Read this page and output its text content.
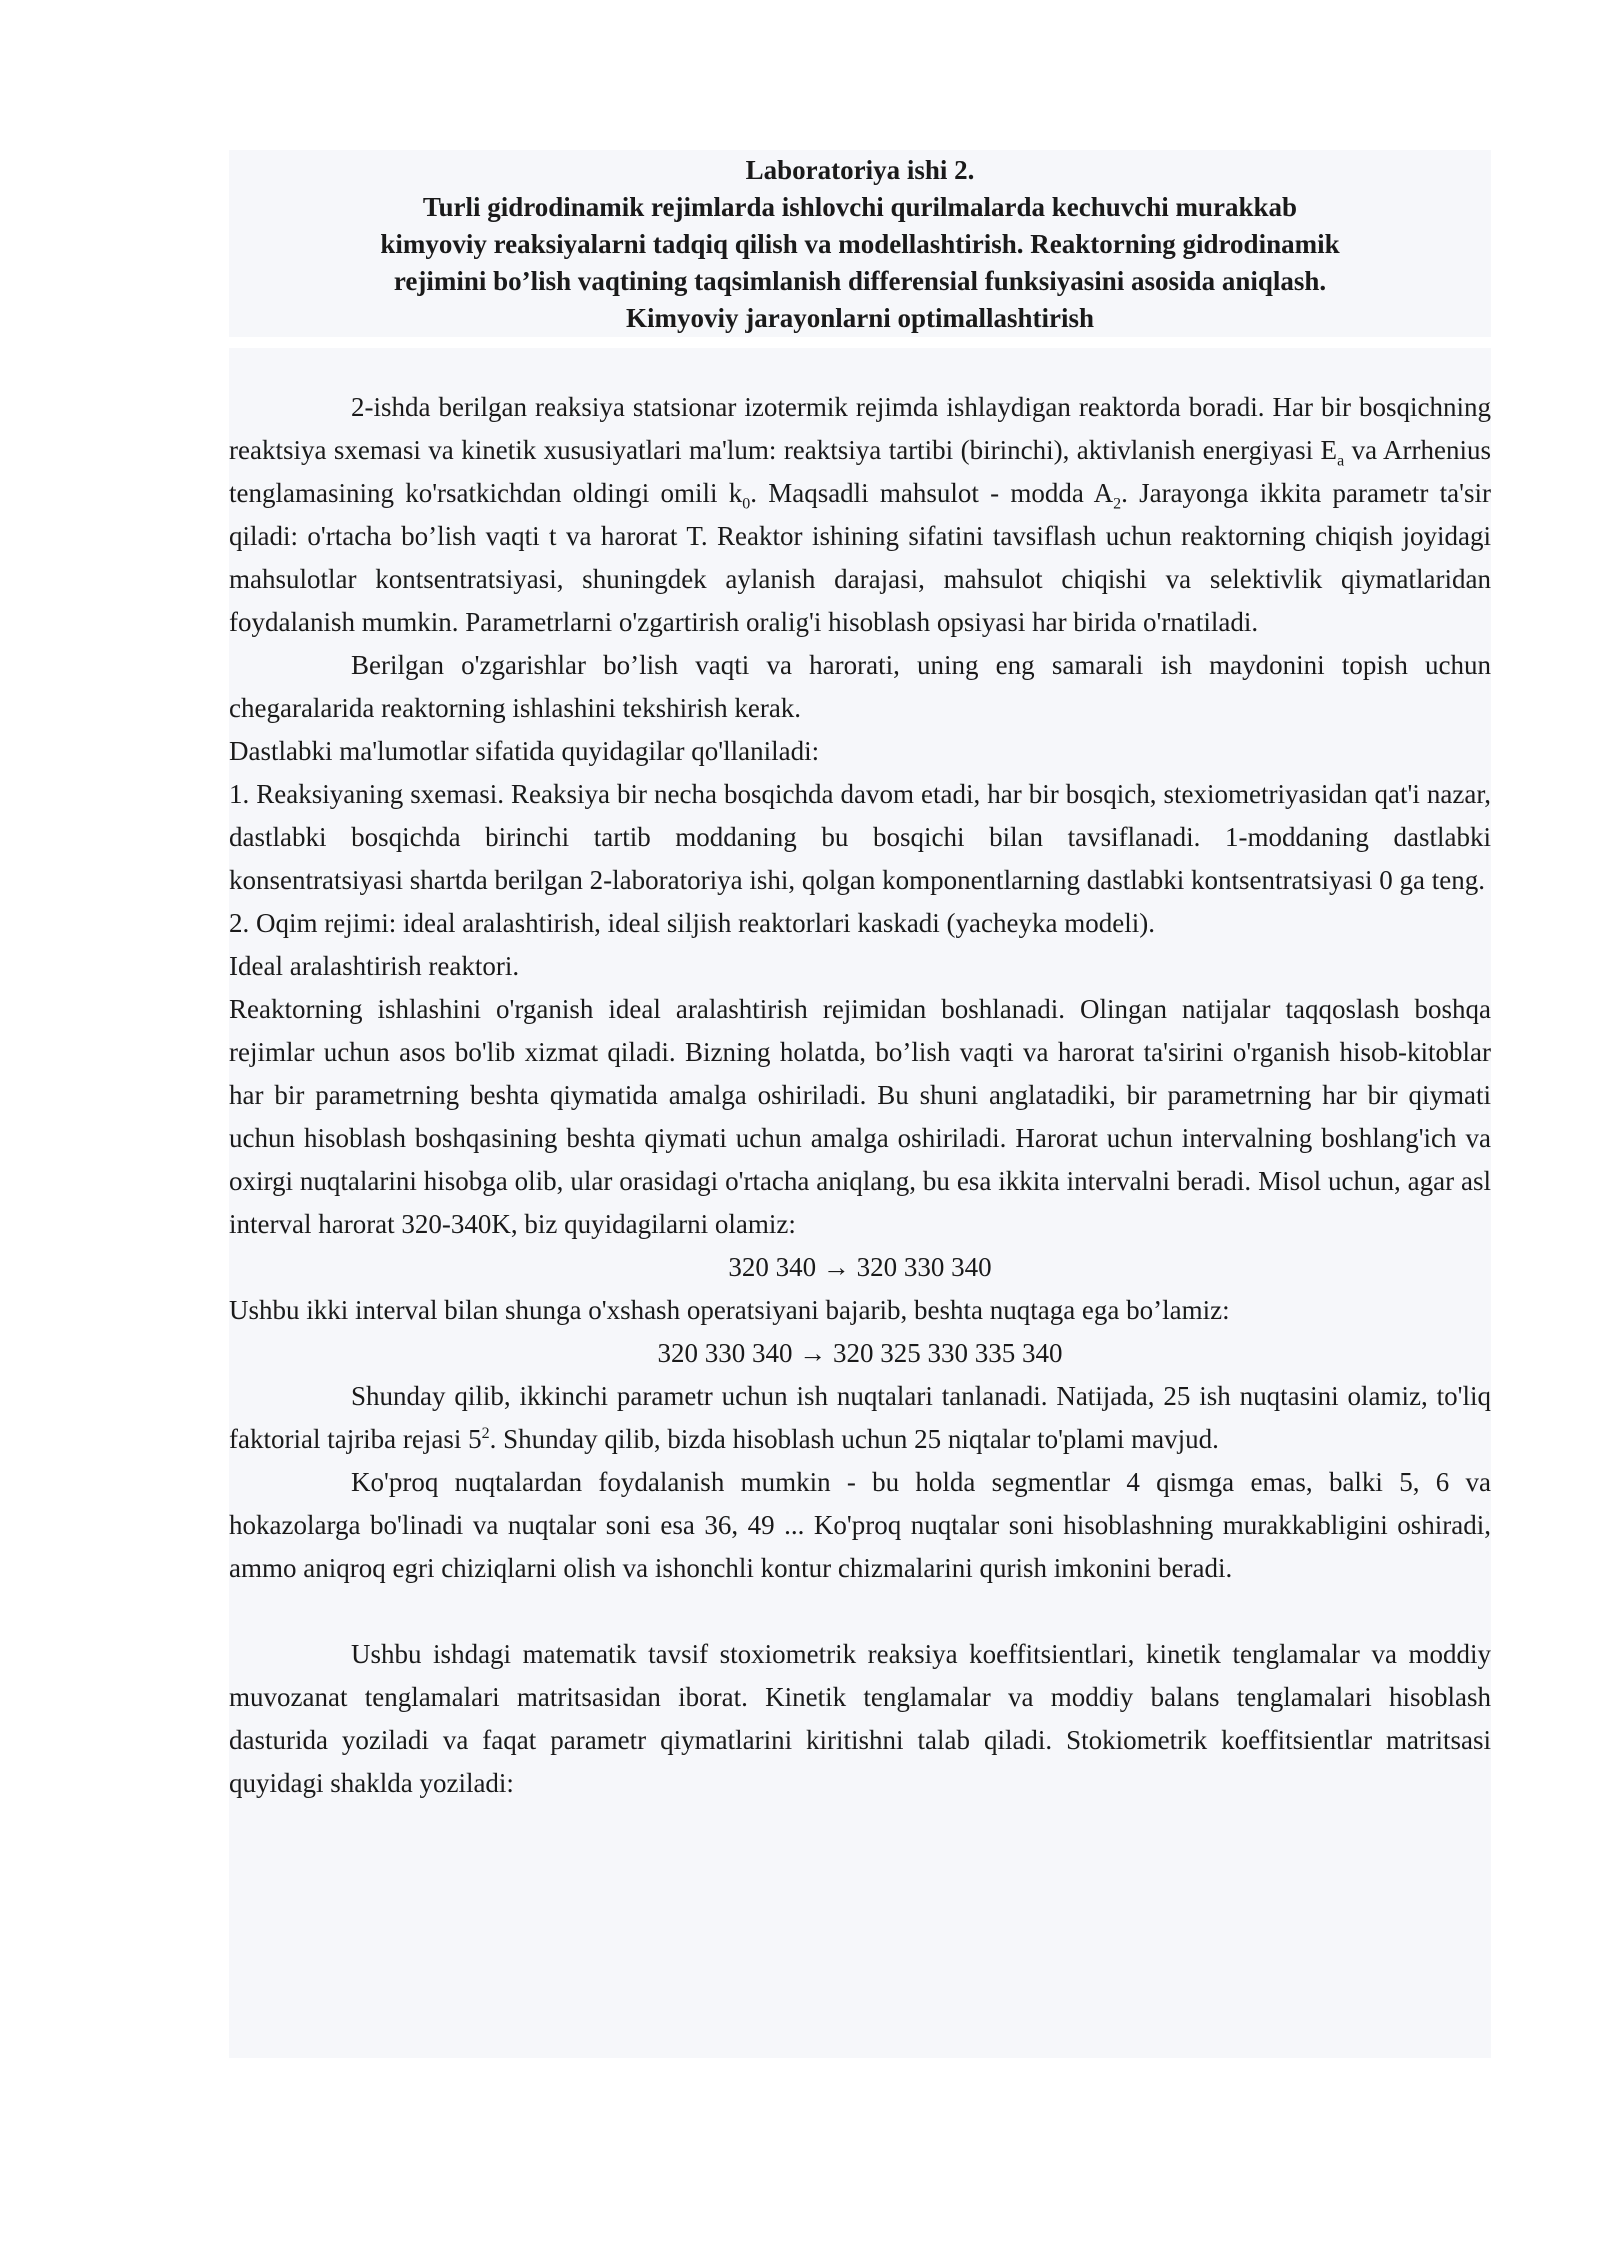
Laboratoriya ishi 2.
Turli gidrodinamik rejimlarda ishlovchi qurilmalarda kechuvchi murakkab
kimyoviy reaksiyalarni tadqiq qilish va modellashtirish. Reaktorning gidrodinamik
rejimini bo’lish vaqtining taqsimlanish differensial funksiyasini asosida aniqlash.
Kimyoviy jarayonlarni optimallashtirish

2-ishda berilgan reaksiya statsionar izotermik rejimda ishlaydigan reaktorda boradi. Har bir bosqichning reaktsiya sxemasi va kinetik xususiyatlari ma'lum: reaktsiya tartibi (birinchi), aktivlanish energiyasi $E_a$ va Arrhenius tenglamasining ko'rsatkichdan oldingi omili $k_0$. Maqsadli mahsulot - modda $A_2$. Jarayonga ikkita parametr ta'sir qiladi: o'rtacha bo’lish vaqti t va harorat T. Reaktor ishining sifatini tavsiflash uchun reaktorning chiqish joyidagi mahsulotlar kontsentratsiyasi, shuningdek aylanish darajasi, mahsulot chiqishi va selektivlik qiymatlaridan foydalanish mumkin. Parametrlarni o'zgartirish oralig'i hisoblash opsiyasi har birida o'rnatiladi.

Berilgan o'zgarishlar bo’lish vaqti va harorati, uning eng samarali ish maydonini topish uchun chegaralarida reaktorning ishlashini tekshirish kerak.

Dastlabki ma'lumotlar sifatida quyidagilar qo'llaniladi:

1. Reaksiyaning sxemasi. Reaksiya bir necha bosqichda davom etadi, har bir bosqich, stexiometriyasidan qat'i nazar, dastlabki bosqichda birinchi tartib moddaning bu bosqichi bilan tavsiflanadi. 1-moddaning dastlabki konsentratsiyasi shartda berilgan 2-laboratoriya ishi, qolgan komponentlarning dastlabki kontsentratsiyasi 0 ga teng.

2. Oqim rejimi: ideal aralashtirish, ideal siljish reaktorlari kaskadi (yacheyka modeli).

Ideal aralashtirish reaktori.

Reaktorning ishlashini o'rganish ideal aralashtirish rejimidan boshlanadi. Olingan natijalar taqqoslash boshqa rejimlar uchun asos bo'lib xizmat qiladi. Bizning holatda, bo’lish vaqti va harorat ta'sirini o'rganish hisob-kitoblar har bir parametrning beshta qiymatida amalga oshiriladi. Bu shuni anglatadiki, bir parametrning har bir qiymati uchun hisoblash boshqasining beshta qiymati uchun amalga oshiriladi. Harorat uchun intervalning boshlang'ich va oxirgi nuqtalarini hisobga olib, ular orasidagi o'rtacha aniqlang, bu esa ikkita intervalni beradi. Misol uchun, agar asl interval harorat 320-340K, biz quyidagilarni olamiz:

320 340 → 320 330 340

Ushbu ikki interval bilan shunga o'xshash operatsiyani bajarib, beshta nuqtaga ega bo’lamiz:

320 330 340 → 320 325 330 335 340

Shunday qilib, ikkinchi parametr uchun ish nuqtalari tanlanadi. Natijada, 25 ish nuqtasini olamiz, to'liq faktorial tajriba rejasi $5^2$. Shunday qilib, bizda hisoblash uchun 25 niqtalar to'plami mavjud.

Ko'proq nuqtalardan foydalanish mumkin - bu holda segmentlar 4 qismga emas, balki 5, 6 va hokazolarga bo'linadi va nuqtalar soni esa 36, 49 ... Ko'proq nuqtalar soni hisoblashning murakkabligini oshiradi, ammo aniqroq egri chiziqlarni olish va ishonchli kontur chizmalarini qurish imkonini beradi.

Ushbu ishdagi matematik tavsif stoxiometrik reaksiya koeffitsientlari, kinetik tenglamalar va moddiy muvozanat tenglamalari matritsasidan iborat. Kinetik tenglamalar va moddiy balans tenglamalari hisoblash dasturida yoziladi va faqat parametr qiymatlarini kiritishni talab qiladi. Stokiometrik koeffitsientlar matritsasi quyidagi shaklda yoziladi:
